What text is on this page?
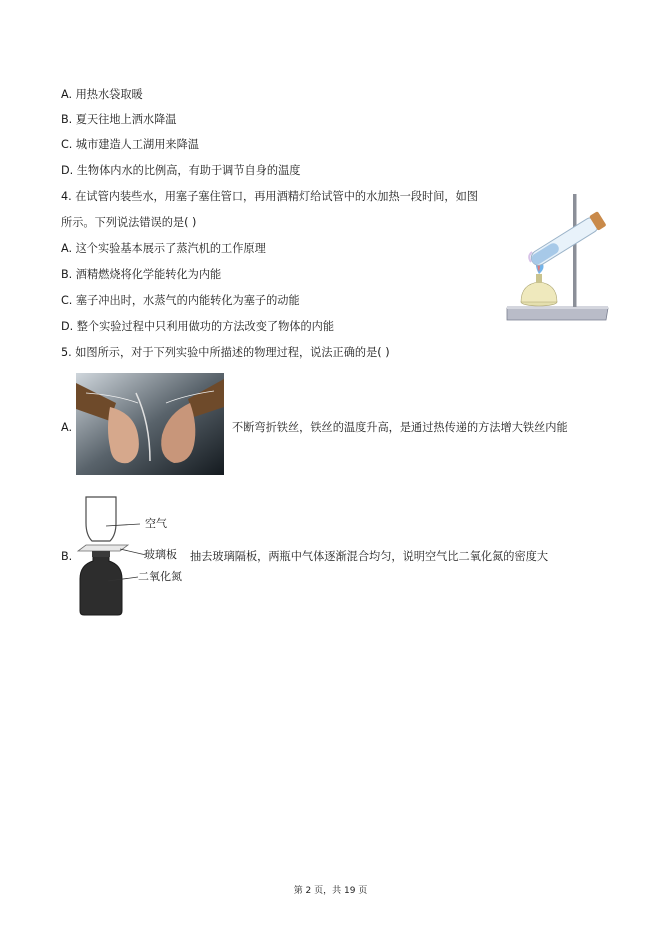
A. 用热水袋取暖
B. 夏天往地上洒水降温
C. 城市建造人工湖用来降温
D. 生物体内水的比例高，有助于调节自身的温度
4. 在试管内装些水，用塞子塞住管口，再用酒精灯给试管中的水加热一段时间，如图
所示。下列说法错误的是( )
A. 这个实验基本展示了蒸汽机的工作原理
B. 酒精燃烧将化学能转化为内能
C. 塞子冲出时，水蒸气的内能转化为塞子的动能
D. 整个实验过程中只利用做功的方法改变了物体的内能
5. 如图所示，对于下列实验中所描述的物理过程，说法正确的是( )
A.	不断弯折铁丝，铁丝的温度升高，是通过热传递的方法增大铁丝内能
B.
空气
玻璃板
二氧化氮
抽去玻璃隔板，两瓶中气体逐渐混合均匀，说明空气比二氧化氮的密度大
第 2 页，共 19 页
